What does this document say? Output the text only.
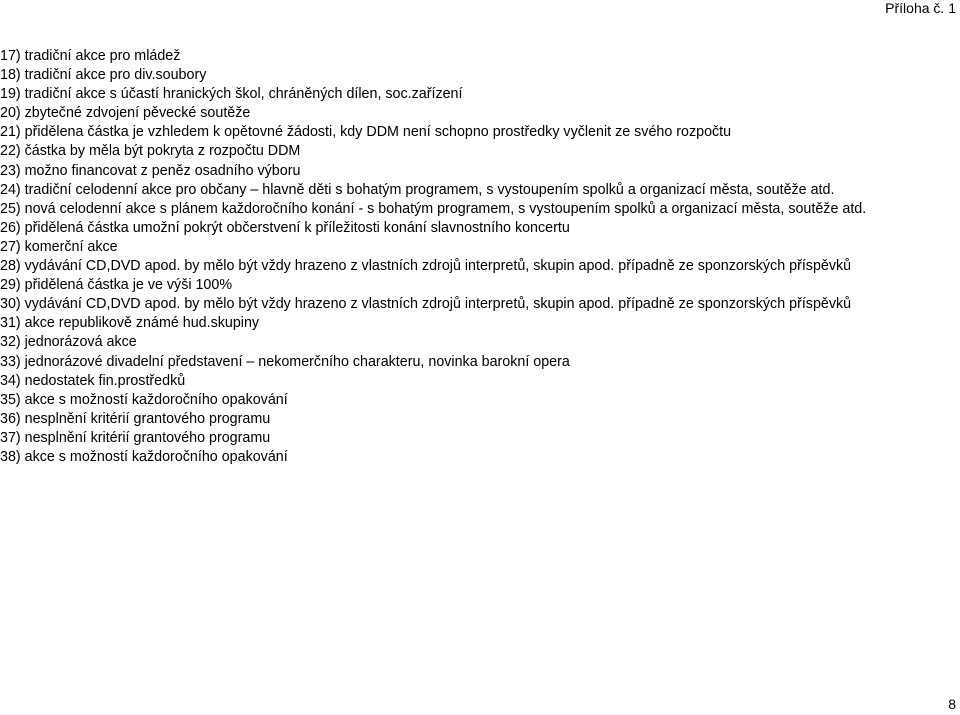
Příloha č. 1
17) tradiční akce pro mládež
18) tradiční akce pro div.soubory
19) tradiční akce s účastí hranických škol, chráněných dílen, soc.zařízení
20) zbytečné zdvojení pěvecké soutěže
21) přidělena částka je vzhledem k opětovné žádosti, kdy DDM není schopno prostředky vyčlenit ze svého rozpočtu
22) částka by měla být pokryta z rozpočtu DDM
23) možno financovat z peněz osadního výboru
24) tradiční celodenní akce pro občany – hlavně děti s bohatým programem, s vystoupením spolků a organizací města, soutěže atd.
25) nová celodenní akce s plánem každoročního konání - s bohatým programem, s vystoupením spolků a organizací města, soutěže atd.
26) přidělená částka umožní pokrýt občerstvení k příležitosti konání slavnostního koncertu
27) komerční akce
28) vydávání CD,DVD apod. by mělo být vždy hrazeno z vlastních zdrojů interpretů, skupin apod. případně ze sponzorských příspěvků
29) přidělená částka je ve výši 100%
30) vydávání CD,DVD apod. by mělo být vždy hrazeno z vlastních zdrojů interpretů, skupin apod. případně ze sponzorských příspěvků
31) akce republikově známé hud.skupiny
32) jednorázová akce
33) jednorázové divadelní představení – nekomerčního charakteru, novinka barokní opera
34) nedostatek fin.prostředků
35) akce s možností každoročního opakování
36) nesplnění kritérií grantového programu
37) nesplnění kritérií grantového programu
38) akce s možností každoročního opakování
8
